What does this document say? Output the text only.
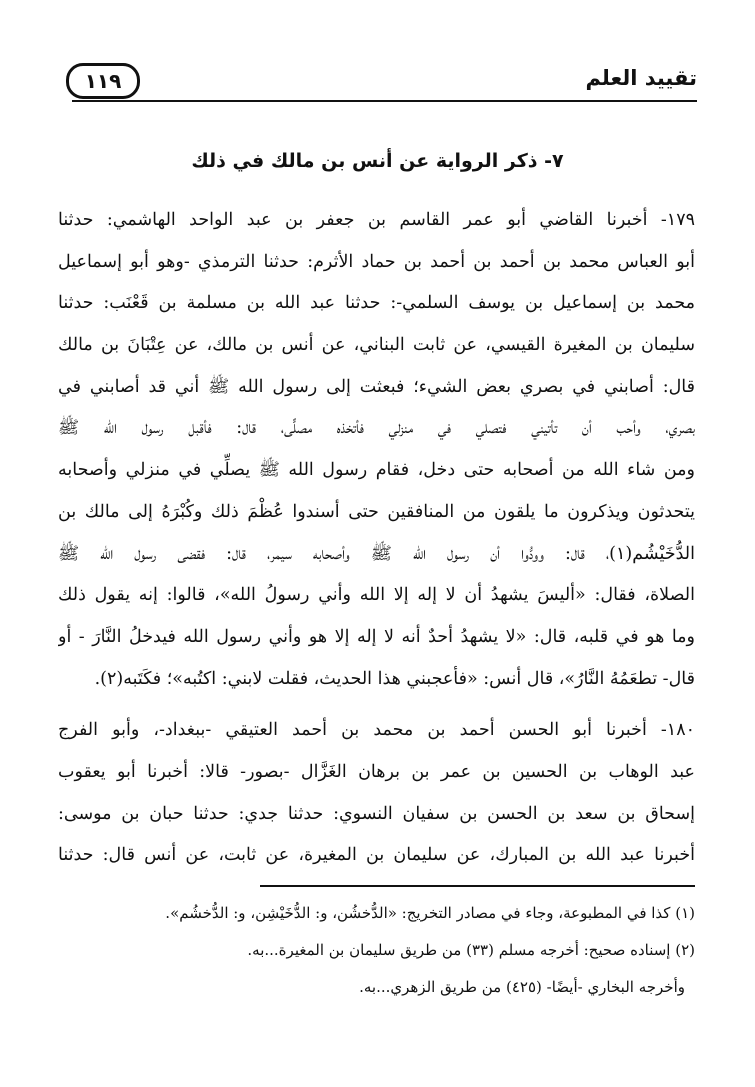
تقييد العلم
١١٩
٧- ذكر الرواية عن أنس بن مالك في ذلك
١٧٩- أخبرنا القاضي أبو عمر القاسم بن جعفر بن عبد الواحد الهاشمي: حدثنا
أبو العباس محمد بن أحمد بن أحمد بن حماد الأثرم: حدثنا الترمذي -وهو أبو إسماعيل
محمد بن إسماعيل بن يوسف السلمي-: حدثنا عبد الله بن مسلمة بن قَعْنَب: حدثنا
سليمان بن المغيرة القيسي، عن ثابت البناني، عن أنس بن مالك، عن عِتْبَانَ بن مالك
قال: أصابني في بصري بعض الشيء؛ فبعثت إلى رسول الله ﷺ أني قد أصابني في
بصري، وأحب أن تأتيني فتصلي في منزلي فأتخذه مصلًّى، قال: فأقبل رسول الله ﷺ
ومن شاء الله من أصحابه حتى دخل، فقام رسول الله ﷺ يصلِّي في منزلي وأصحابه
يتحدثون ويذكرون ما يلقون من المنافقين حتى أسندوا عُظْمَ ذلك وكُبْرَهُ إلى مالك بن
الدُّخَيْشُم(١)، قال: وودُّوا أن رسول الله ﷺ وأصحابه سيمر، قال: فقضى رسول الله ﷺ
الصلاة، فقال: «أليسَ يشهدُ أن لا إله إلا الله وأني رسولُ الله»، قالوا: إنه يقول ذلك
وما هو في قلبه، قال: «لا يشهدُ أحدٌ أنه لا إله إلا هو وأني رسول الله فيدخلُ النَّارَ - أو
قال- تطعَمُهُ النَّارُ»، قال أنس: «فأعجبني هذا الحديث، فقلت لابني: اكتُبه»؛ فكَتَبه(٢).
١٨٠- أخبرنا أبو الحسن أحمد بن محمد بن أحمد العتيقي -ببغداد-، وأبو الفرج
عبد الوهاب بن الحسين بن عمر بن برهان الغَزَّال -بصور- قالا: أخبرنا أبو يعقوب
إسحاق بن سعد بن الحسن بن سفيان النسوي: حدثنا جدي: حدثنا حبان بن موسى:
أخبرنا عبد الله بن المبارك، عن سليمان بن المغيرة، عن ثابت، عن أنس قال: حدثنا
(١) كذا في المطبوعة، وجاء في مصادر التخريج: «الدُّخشُن، و: الدُّخَيْشِن، و: الدُّخشُم».
(٢) إسناده صحيح: أخرجه مسلم (٣٣) من طريق سليمان بن المغيرة...به.
وأخرجه البخاري -أيضًا- (٤٢٥) من طريق الزهري...به.
